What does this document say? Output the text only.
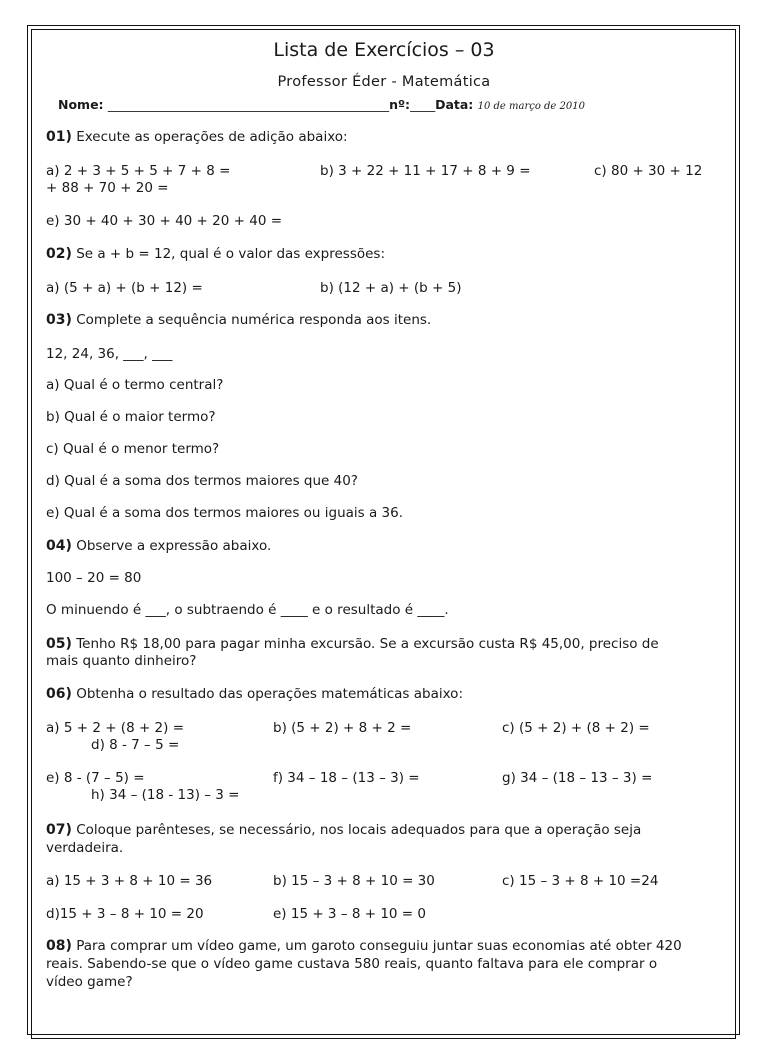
Lista de Exercícios – 03
Professor Éder - Matemática
Nome: _____________________________________________nº:____Data: 10 de março de 2010
01) Execute as operações de adição abaixo:
a) 2 + 3 + 5 + 5 + 7 + 8 =	b) 3 + 22 + 11 + 17 + 8 + 9 =	c) 80 + 30 + 12
+ 88 + 70 + 20 =
e) 30 + 40 + 30 + 40 + 20 + 40 =
02) Se a + b = 12, qual é o valor das expressões:
a) (5 + a) + (b + 12) =	b) (12 + a) + (b + 5)
03) Complete a sequência numérica responda aos itens.
12, 24, 36, ___, ___
a) Qual é o termo central?
b) Qual é o maior termo?
c) Qual é o menor termo?
d) Qual é a soma dos termos maiores que 40?
e) Qual é a soma dos termos maiores ou iguais a 36.
04) Observe a expressão abaixo.
100 – 20 = 80
O minuendo é ___, o subtraendo é ____ e o resultado é ____.
05) Tenho R$ 18,00 para pagar minha excursão. Se a excursão custa R$ 45,00, preciso de
mais quanto dinheiro?
06) Obtenha o resultado das operações matemáticas abaixo:
a) 5 + 2 + (8 + 2) =	b) (5 + 2) + 8 + 2 =	c) (5 + 2) + (8 + 2) =
d) 8 - 7 – 5 =
e) 8 - (7 – 5) =	f) 34 – 18 – (13 – 3) =	g) 34 – (18 – 13 – 3) =
h) 34 – (18 - 13) – 3 =
07) Coloque parênteses, se necessário, nos locais adequados para que a operação seja
verdadeira.
a) 15 + 3 + 8 + 10 = 36	b) 15 – 3 + 8 + 10 = 30	c) 15 – 3 + 8 + 10 =24
d)15 + 3 – 8 + 10 = 20	e) 15 + 3 – 8 + 10 = 0
08) Para comprar um vídeo game, um garoto conseguiu juntar suas economias até obter 420
reais. Sabendo-se que o vídeo game custava 580 reais, quanto faltava para ele comprar o
vídeo game?
